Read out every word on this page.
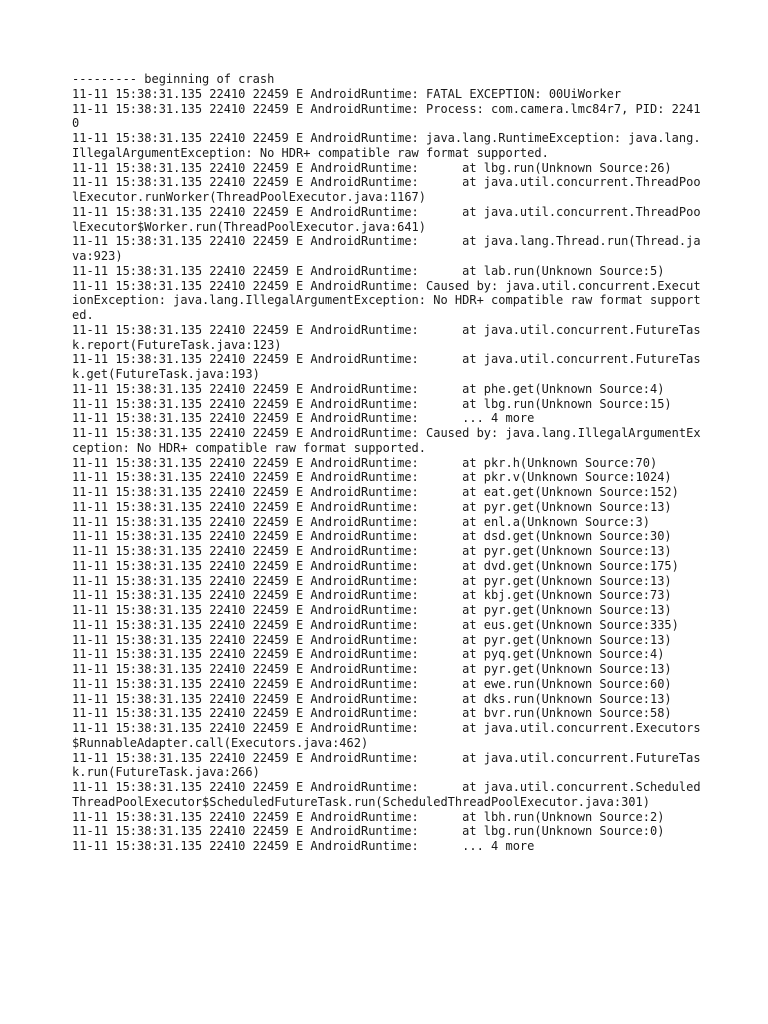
--------- beginning of crash
11-11 15:38:31.135 22410 22459 E AndroidRuntime: FATAL EXCEPTION: 00UiWorker
11-11 15:38:31.135 22410 22459 E AndroidRuntime: Process: com.camera.lmc84r7, PID: 22410
11-11 15:38:31.135 22410 22459 E AndroidRuntime: java.lang.RuntimeException: java.lang.IllegalArgumentException: No HDR+ compatible raw format supported.
11-11 15:38:31.135 22410 22459 E AndroidRuntime:      at lbg.run(Unknown Source:26)
11-11 15:38:31.135 22410 22459 E AndroidRuntime:      at java.util.concurrent.ThreadPoolExecutor.runWorker(ThreadPoolExecutor.java:1167)
11-11 15:38:31.135 22410 22459 E AndroidRuntime:      at java.util.concurrent.ThreadPoolExecutor$Worker.run(ThreadPoolExecutor.java:641)
11-11 15:38:31.135 22410 22459 E AndroidRuntime:      at java.lang.Thread.run(Thread.java:923)
11-11 15:38:31.135 22410 22459 E AndroidRuntime:      at lab.run(Unknown Source:5)
11-11 15:38:31.135 22410 22459 E AndroidRuntime: Caused by: java.util.concurrent.ExecutionException: java.lang.IllegalArgumentException: No HDR+ compatible raw format supported.
11-11 15:38:31.135 22410 22459 E AndroidRuntime:      at java.util.concurrent.FutureTask.report(FutureTask.java:123)
11-11 15:38:31.135 22410 22459 E AndroidRuntime:      at java.util.concurrent.FutureTask.get(FutureTask.java:193)
11-11 15:38:31.135 22410 22459 E AndroidRuntime:      at phe.get(Unknown Source:4)
11-11 15:38:31.135 22410 22459 E AndroidRuntime:      at lbg.run(Unknown Source:15)
11-11 15:38:31.135 22410 22459 E AndroidRuntime:      ... 4 more
11-11 15:38:31.135 22410 22459 E AndroidRuntime: Caused by: java.lang.IllegalArgumentException: No HDR+ compatible raw format supported.
11-11 15:38:31.135 22410 22459 E AndroidRuntime:      at pkr.h(Unknown Source:70)
11-11 15:38:31.135 22410 22459 E AndroidRuntime:      at pkr.v(Unknown Source:1024)
11-11 15:38:31.135 22410 22459 E AndroidRuntime:      at eat.get(Unknown Source:152)
11-11 15:38:31.135 22410 22459 E AndroidRuntime:      at pyr.get(Unknown Source:13)
11-11 15:38:31.135 22410 22459 E AndroidRuntime:      at enl.a(Unknown Source:3)
11-11 15:38:31.135 22410 22459 E AndroidRuntime:      at dsd.get(Unknown Source:30)
11-11 15:38:31.135 22410 22459 E AndroidRuntime:      at pyr.get(Unknown Source:13)
11-11 15:38:31.135 22410 22459 E AndroidRuntime:      at dvd.get(Unknown Source:175)
11-11 15:38:31.135 22410 22459 E AndroidRuntime:      at pyr.get(Unknown Source:13)
11-11 15:38:31.135 22410 22459 E AndroidRuntime:      at kbj.get(Unknown Source:73)
11-11 15:38:31.135 22410 22459 E AndroidRuntime:      at pyr.get(Unknown Source:13)
11-11 15:38:31.135 22410 22459 E AndroidRuntime:      at eus.get(Unknown Source:335)
11-11 15:38:31.135 22410 22459 E AndroidRuntime:      at pyr.get(Unknown Source:13)
11-11 15:38:31.135 22410 22459 E AndroidRuntime:      at pyq.get(Unknown Source:4)
11-11 15:38:31.135 22410 22459 E AndroidRuntime:      at pyr.get(Unknown Source:13)
11-11 15:38:31.135 22410 22459 E AndroidRuntime:      at ewe.run(Unknown Source:60)
11-11 15:38:31.135 22410 22459 E AndroidRuntime:      at dks.run(Unknown Source:13)
11-11 15:38:31.135 22410 22459 E AndroidRuntime:      at bvr.run(Unknown Source:58)
11-11 15:38:31.135 22410 22459 E AndroidRuntime:      at java.util.concurrent.Executors$RunnableAdapter.call(Executors.java:462)
11-11 15:38:31.135 22410 22459 E AndroidRuntime:      at java.util.concurrent.FutureTask.run(FutureTask.java:266)
11-11 15:38:31.135 22410 22459 E AndroidRuntime:      at java.util.concurrent.ScheduledThreadPoolExecutor$ScheduledFutureTask.run(ScheduledThreadPoolExecutor.java:301)
11-11 15:38:31.135 22410 22459 E AndroidRuntime:      at lbh.run(Unknown Source:2)
11-11 15:38:31.135 22410 22459 E AndroidRuntime:      at lbg.run(Unknown Source:0)
11-11 15:38:31.135 22410 22459 E AndroidRuntime:      ... 4 more
